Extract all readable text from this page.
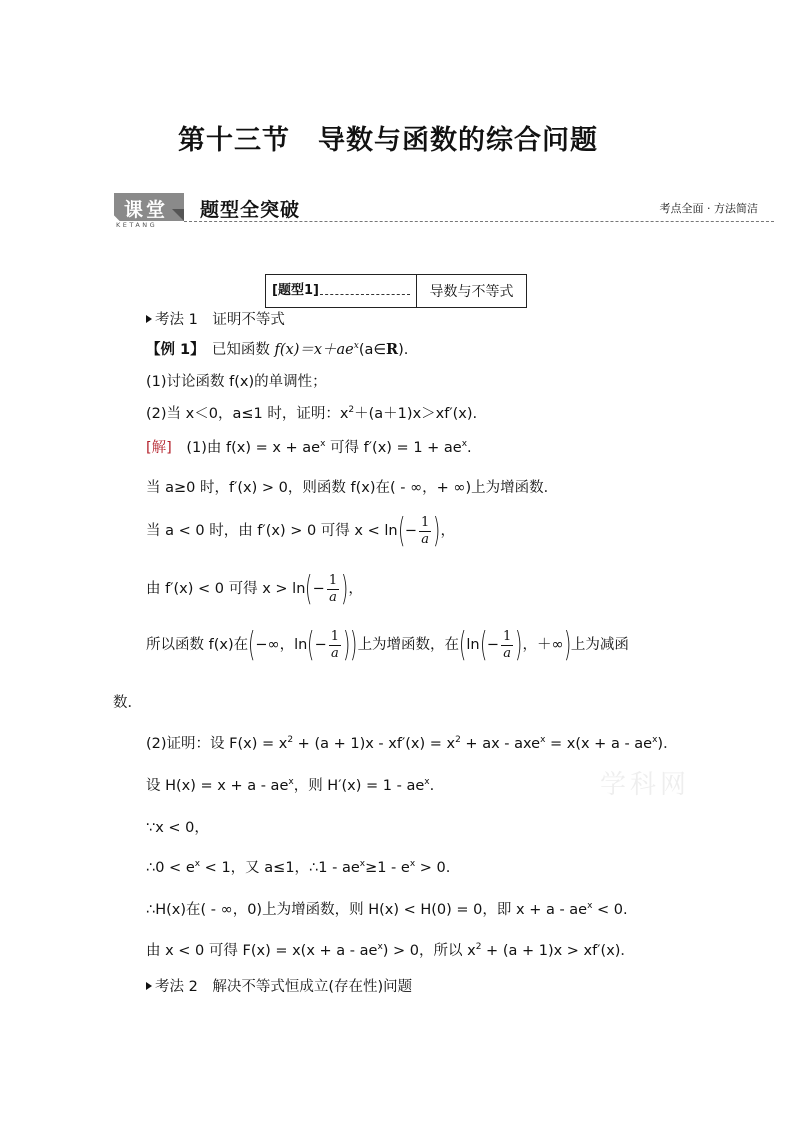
第十三节　导数与函数的综合问题
课堂
KETANG
题型全突破	考点全面 · 方法简洁
[题型1]	导数与不等式
考法 1　证明不等式
【例 1】　已知函数 $f(x)=x+ae^x(a\in R)$.
(1)讨论函数 f(x)的单调性；
(2)当 x＜0，a≤1 时，证明：$x^2+(a+1)x>xf'(x)$.
[解]　(1)由 $f(x) = x + ae^x$ 可得 $f'(x) = 1 + ae^x$.
当 a≥0 时，f′(x) > 0，则函数 f(x)在( - ∞，+ ∞)上为增函数．
当 a < 0 时，由 f′(x) > 0 可得 $x < \ln(- \frac{1}{a}$ )，
由 f′(x) < 0 可得 $x > \ln(- \frac{1}{a}$ )，
所以函数 f(x)在(−∞，$\ln(- \frac{1}{a}$ ))上为增函数，在($\ln(- \frac{1}{a}$ )，＋∞)上为减函
数．
(2)证明：设 $F(x) = x^2 + (a + 1)x - xf'(x) = x^2$ + ax - $axe^x = x(x + a - ae^x)$．
设 $H(x) = x + a - ae^x$，则 $H'(x) = 1 - ae^x$.	学科网
∵x < 0，
∴0 < $e^x < 1$，又 a≤1，∴1 - $ae^x\ge 1 - e^x > 0$.
∴H(x)在( - ∞，0)上为增函数，则 H(x) < H(0) = 0，即 $x + a - ae^x < 0$.
由 x < 0 可得 $F(x) = x(x + a - ae^x) > 0$，所以 $x^2 + (a + 1)x > xf'(x)$．
考法 2　解决不等式恒成立(存在性)问题
